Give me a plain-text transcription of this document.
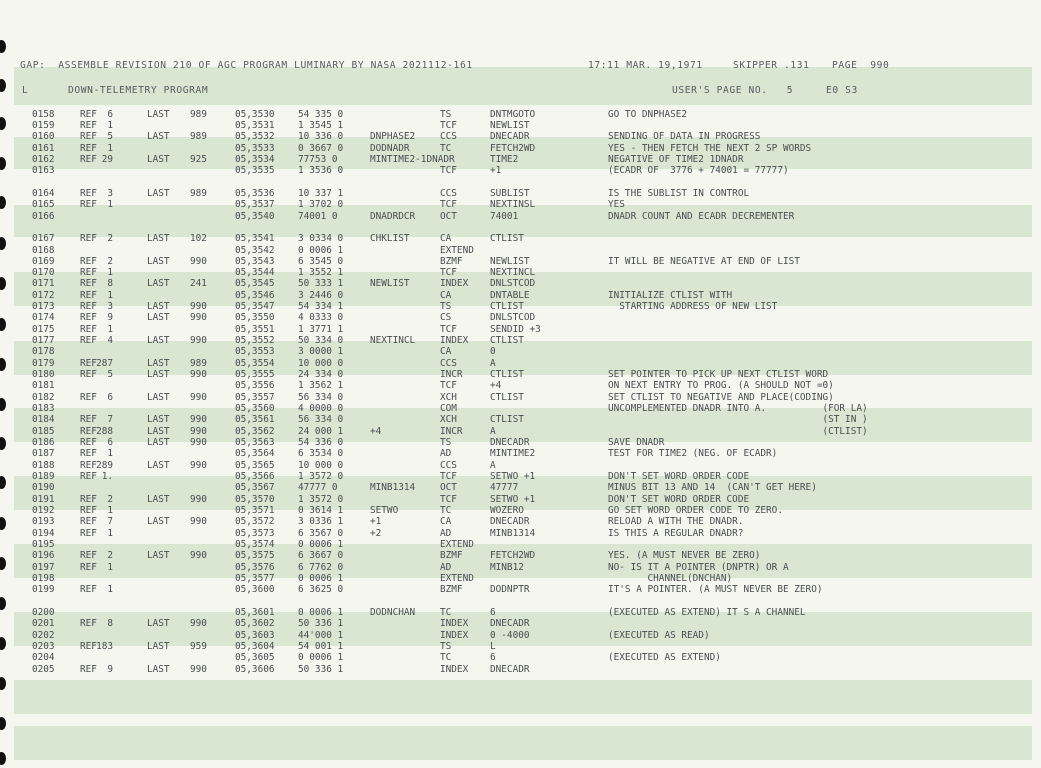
GAP:  ASSEMBLE REVISION 210 OF AGC PROGRAM LUMINARY BY NASA 2021112-161	17:11 MAR. 19,1971	SKIPPER .131 PAGE  990
L	DOWN-TELEMETRY PROGRAM	USER'S PAGE NO.   5	E0 S3
0158	REF	6	LAST 989	05,3530 54 335 0	TS	DNTMGOTO	GO TO DNPHASE2
0159	REF	1	05,3531 1 3545 1	TCF	NEWLIST
0160	REF	5	LAST 989	05,3532 10 336 0	DNPHASE2	CCS	DNECADR	SENDING OF DATA IN PROGRESS
0161	REF	1	05,3533 0 3667 0	DODNADR	TC	FETCH2WD	YES - THEN FETCH THE NEXT 2 SP WORDS
0162	REF 29	LAST 925	05,3534 77753 0	MINTIME2-1DNADR	TIME2	NEGATIVE OF TIME2 1DNADR
0163	05,3535 1 3536 0	TCF	+1	(ECADR OF  3776 + 74001 = 77777)
0164	REF	3	LAST 989	05,3536 10 337 1	CCS	SUBLIST	IS THE SUBLIST IN CONTROL
0165	REF	1	05,3537 1 3702 0	TCF	NEXTINSL	YES
0166	05,3540 74001 0	DNADRDCR	OCT	74001	DNADR COUNT AND ECADR DECREMENTER
0167	REF	2	LAST 102	05,3541 3 0334 0	CHKLIST	CA	CTLIST
0168	05,3542 0 0006 1	EXTEND
0169	REF	2	LAST 990	05,3543 6 3545 0	BZMF	NEWLIST	IT WILL BE NEGATIVE AT END OF LIST
0170	REF	1	05,3544 1 3552 1	TCF	NEXTINCL
0171	REF	8	LAST 241	05,3545 50 333 1	NEWLIST	INDEX DNLSTCOD
0172	REF	1	05,3546 3 2446 0	CA	DNTABLE	INITIALIZE CTLIST WITH
0173	REF	3	LAST 990	05,3547 54 334 1	TS	CTLIST	STARTING ADDRESS OF NEW LIST
0174	REF	9	LAST 990	05,3550 4 0333 0	CS	DNLSTCOD
0175	REF	1	05,3551 1 3771 1	TCF	SENDID +3
0177	REF	4	LAST 990	05,3552 50 334 0	NEXTINCL	INDEX CTLIST
0178	05,3553 3 0000 1	CA	0
0179	REF 287	LAST 989	05,3554 10 000 0	CCS	A
0180	REF	5	LAST 990	05,3555 24 334 0	INCR	CTLIST	SET POINTER TO PICK UP NEXT CTLIST WORD
0181	05,3556 1 3562 1	TCF	+4	ON NEXT ENTRY TO PROG. (A SHOULD NOT =0)
0182	REF	6	LAST 990	05,3557 56 334 0	XCH	CTLIST	SET CTLIST TO NEGATIVE AND PLACE(CODING)
0183	05,3560 4 0000 0	COM	UNCOMPLEMENTED DNADR INTO A.          (FOR LA)
0184	REF	7	LAST 990	05,3561 56 334 0	XCH	CTLIST	(ST IN )
0185	REF 288	LAST 990	05,3562 24 000 1	+4	INCR	A	(CTLIST)
0186	REF	6	LAST 990	05,3563 54 336 0	TS	DNECADR	SAVE DNADR
0187	REF	1	05,3564 6 3534 0	AD	MINTIME2	TEST FOR TIME2 (NEG. OF ECADR)
0188	REF 289	LAST 990	05,3565 10 000 0	CCS	A
0189	REF 1.	05,3566 1 3572 0	TCF	SETWO +1	DON'T SET WORD ORDER CODE
0190	05,3567 47777 0	MINB1314	OCT	47777	MINUS BIT 13 AND 14  (CAN'T GET HERE)
0191	REF	2	LAST 990	05,3570 1 3572 0	TCF	SETWO +1	DON'T SET WORD ORDER CODE
0192	REF	1	05,3571 0 3614 1	SETWO	TC	WOZERO	GO SET WORD ORDER CODE TO ZERO.
0193	REF	7	LAST 990	05,3572 3 0336 1	+1	CA	DNECADR	RELOAD A WITH THE DNADR.
0194	REF	1	05,3573 6 3567 0	+2	AD	MINB1314	IS THIS A REGULAR DNADR?
0195	05,3574 0 0006 1	EXTEND
0196	REF	2	LAST 990	05,3575 6 3667 0	BZMF	FETCH2WD	YES. (A MUST NEVER BE ZERO)
0197	REF	1	05,3576 6 7762 0	AD	MINB12	NO- IS IT A POINTER (DNPTR) OR A
0198	05,3577 0 0006 1	EXTEND	CHANNEL(DNCHAN)
0199	REF	1	05,3600 6 3625 0	BZMF	DODNPTR	IT'S A POINTER. (A MUST NEVER BE ZERO)
0200	05,3601 0 0006 1	DODNCHAN	TC	6	(EXECUTED AS EXTEND) IT S A CHANNEL
0201	REF	8	LAST 990	05,3602 50 336 1	INDEX DNECADR
0202	05,3603 44'000 1	INDEX 0 -4000	(EXECUTED AS READ)
0203	REF 183	LAST 959	05,3604 54 001 1	TS	L
0204	05,3605 0 0006 1	TC	6	(EXECUTED AS EXTEND)
0205	REF	9	LAST 990	05,3606 50 336 1	INDEX DNECADR
